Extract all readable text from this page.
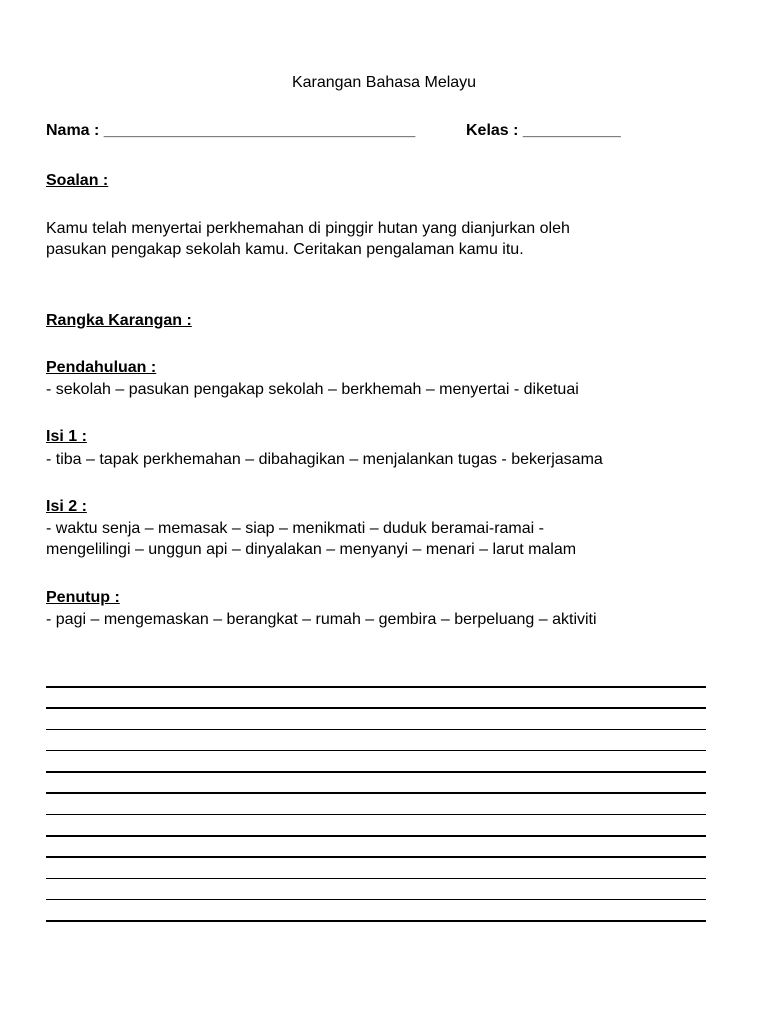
Karangan Bahasa Melayu
Nama : ___________________________________	Kelas : ___________
Soalan :

Kamu telah menyertai perkhemahan di pinggir hutan yang dianjurkan oleh

pasukan pengakap sekolah kamu. Ceritakan pengalaman kamu itu.

Rangka Karangan :
Pendahuluan :

- sekolah – pasukan pengakap sekolah – berkhemah – menyertai - diketuai

Isi 1 :

- tiba – tapak perkhemahan – dibahagikan – menjalankan tugas - bekerjasama

Isi 2 :

- waktu senja – memasak – siap – menikmati – duduk beramai-ramai -

mengelilingi – unggun api – dinyalakan – menyanyi – menari – larut malam

Penutup :

- pagi – mengemaskan – berangkat – rumah – gembira – berpeluang – aktiviti
